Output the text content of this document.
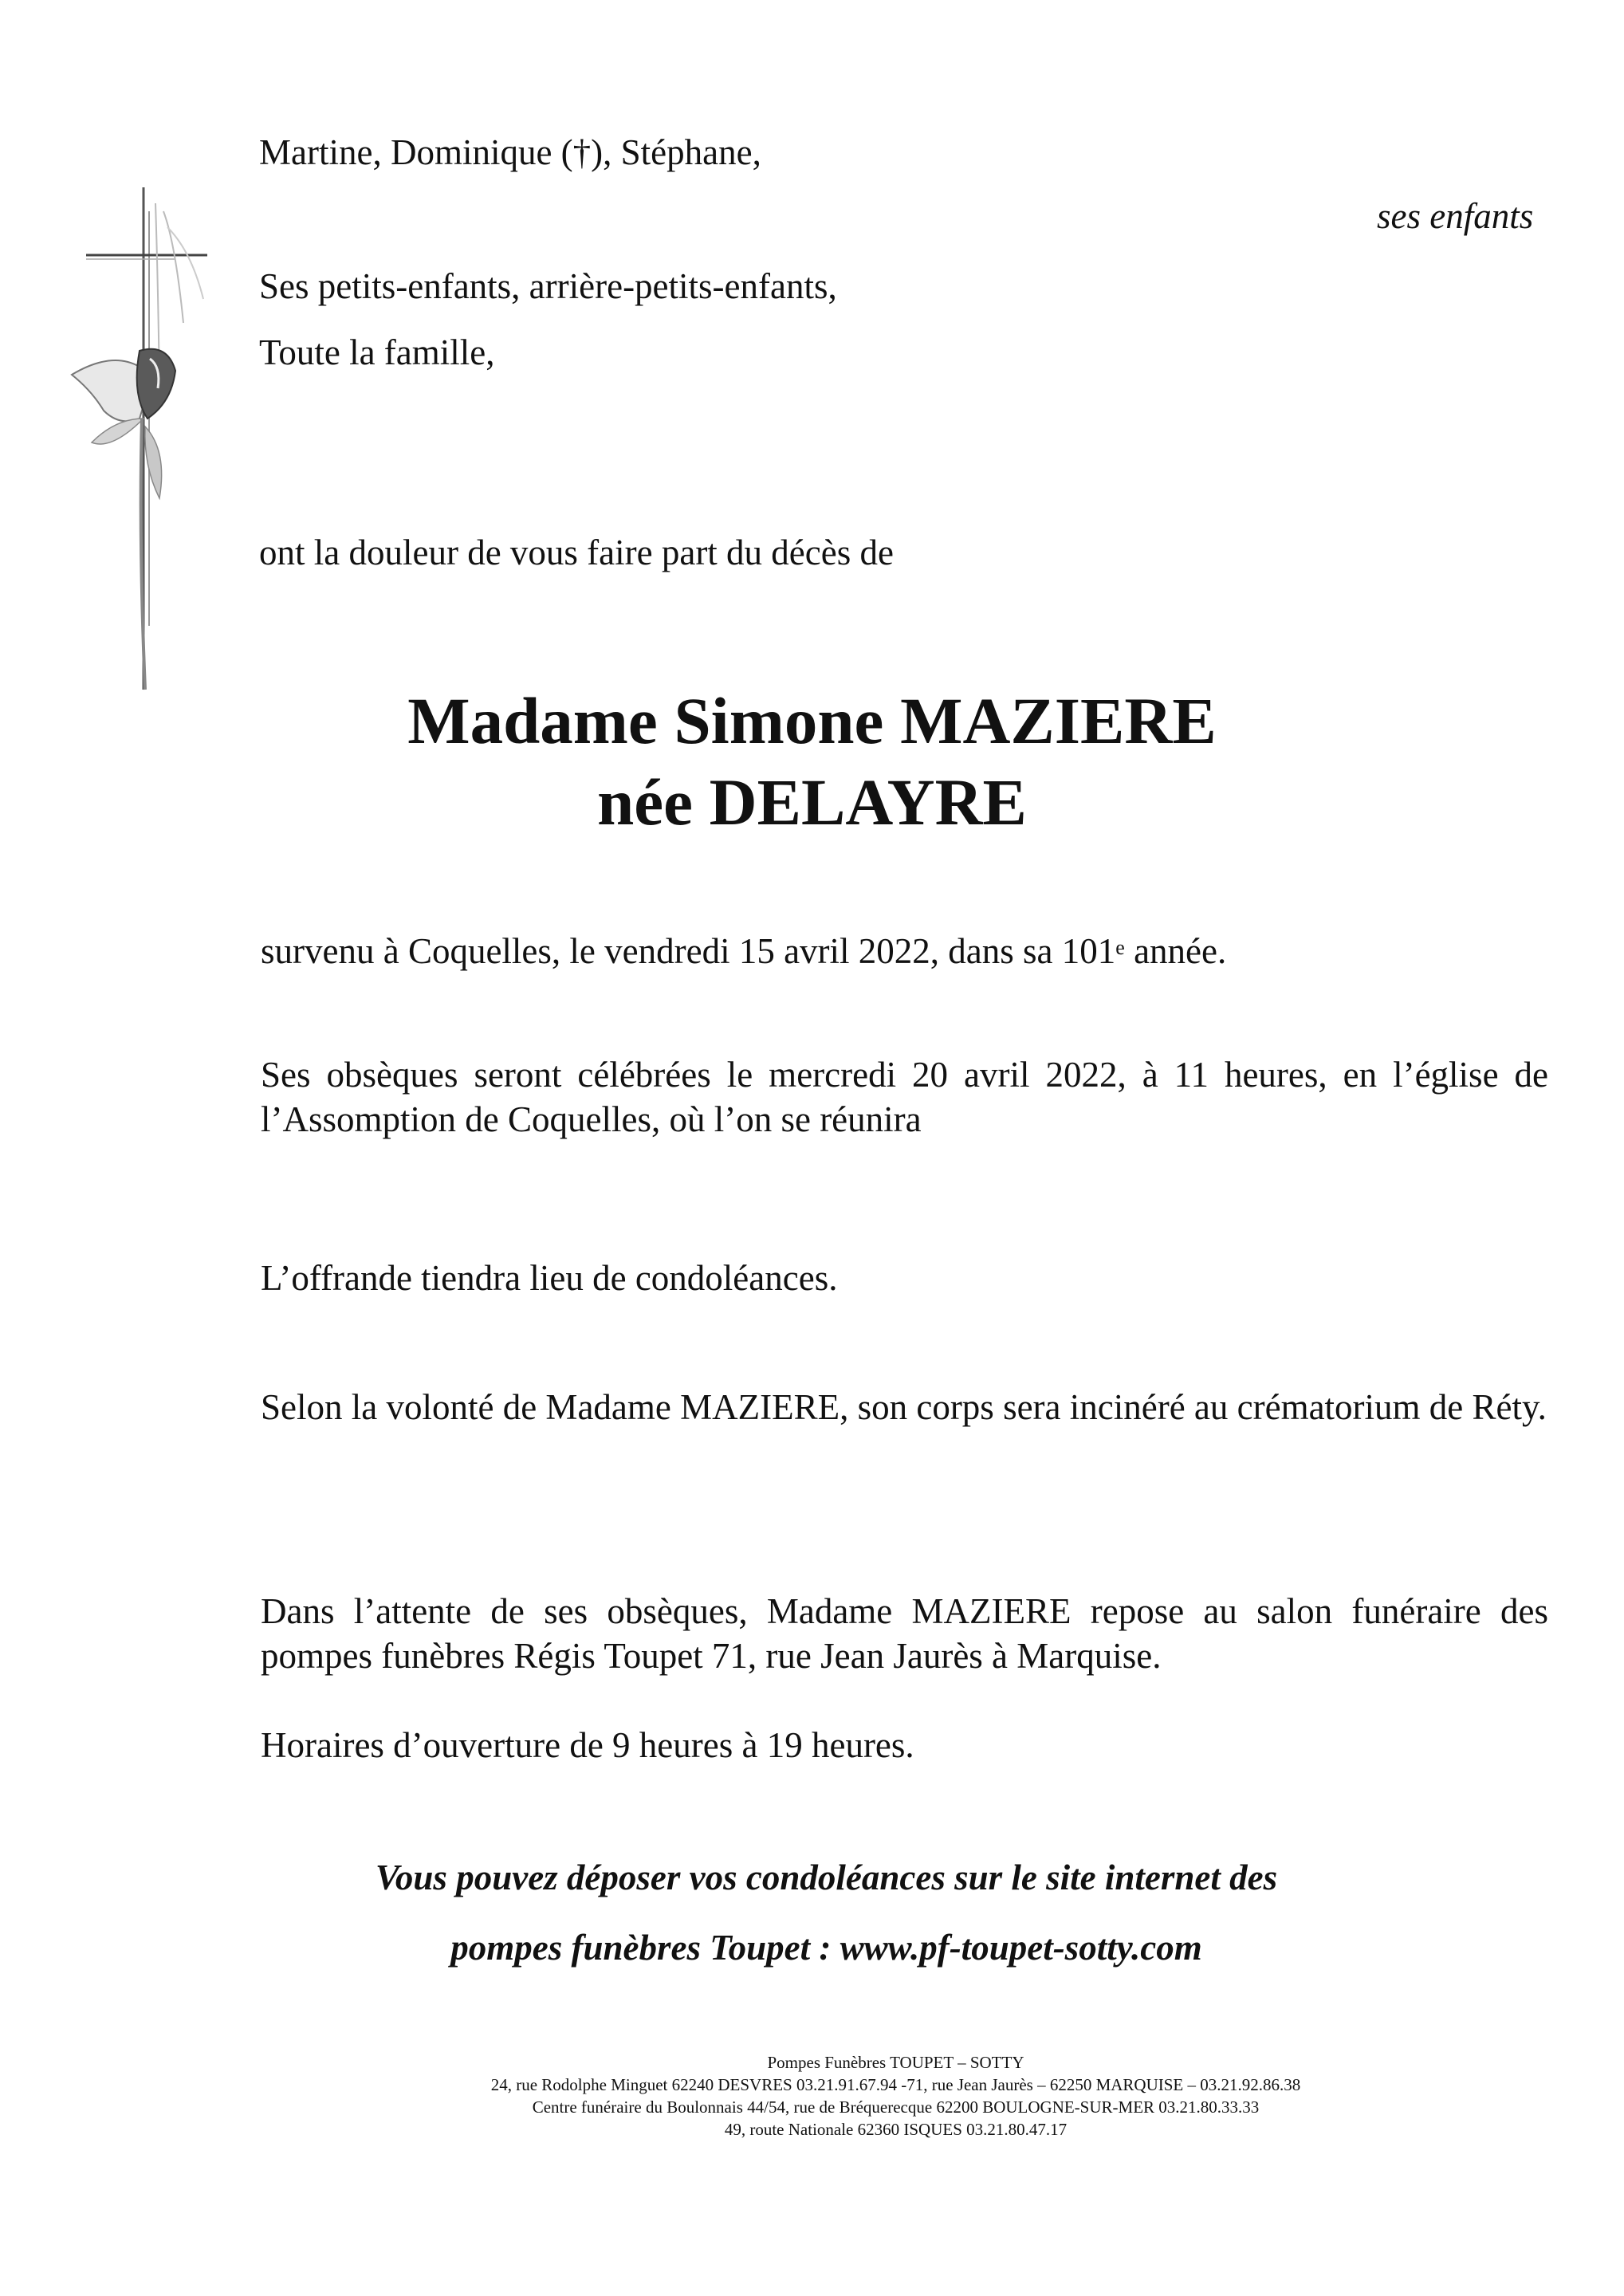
Martine, Dominique (†), Stéphane,
ses enfants
Ses petits-enfants, arrière-petits-enfants,
Toute la famille,
ont la douleur de vous faire part du décès de
Madame Simone MAZIERE
née DELAYRE
survenu à Coquelles, le vendredi 15 avril 2022, dans sa 101e année.
Ses obsèques seront célébrées le mercredi 20 avril 2022, à 11 heures, en l’église de l’Assomption de Coquelles, où l’on se réunira
L’offrande tiendra lieu de condoléances.
Selon la volonté de Madame MAZIERE, son corps sera incinéré au crématorium de Réty.
Dans l’attente de ses obsèques, Madame MAZIERE repose au salon funéraire des pompes funèbres Régis Toupet 71, rue Jean Jaurès à Marquise.
Horaires d’ouverture de 9 heures à 19 heures.
Vous pouvez déposer vos condoléances sur le site internet des
pompes funèbres Toupet : www.pf-toupet-sotty.com
Pompes Funèbres TOUPET – SOTTY
24, rue Rodolphe Minguet 62240 DESVRES 03.21.91.67.94 -71, rue Jean Jaurès – 62250 MARQUISE – 03.21.92.86.38
Centre funéraire du Boulonnais 44/54, rue de Bréquerecque 62200 BOULOGNE-SUR-MER 03.21.80.33.33
49, route Nationale 62360 ISQUES 03.21.80.47.17
